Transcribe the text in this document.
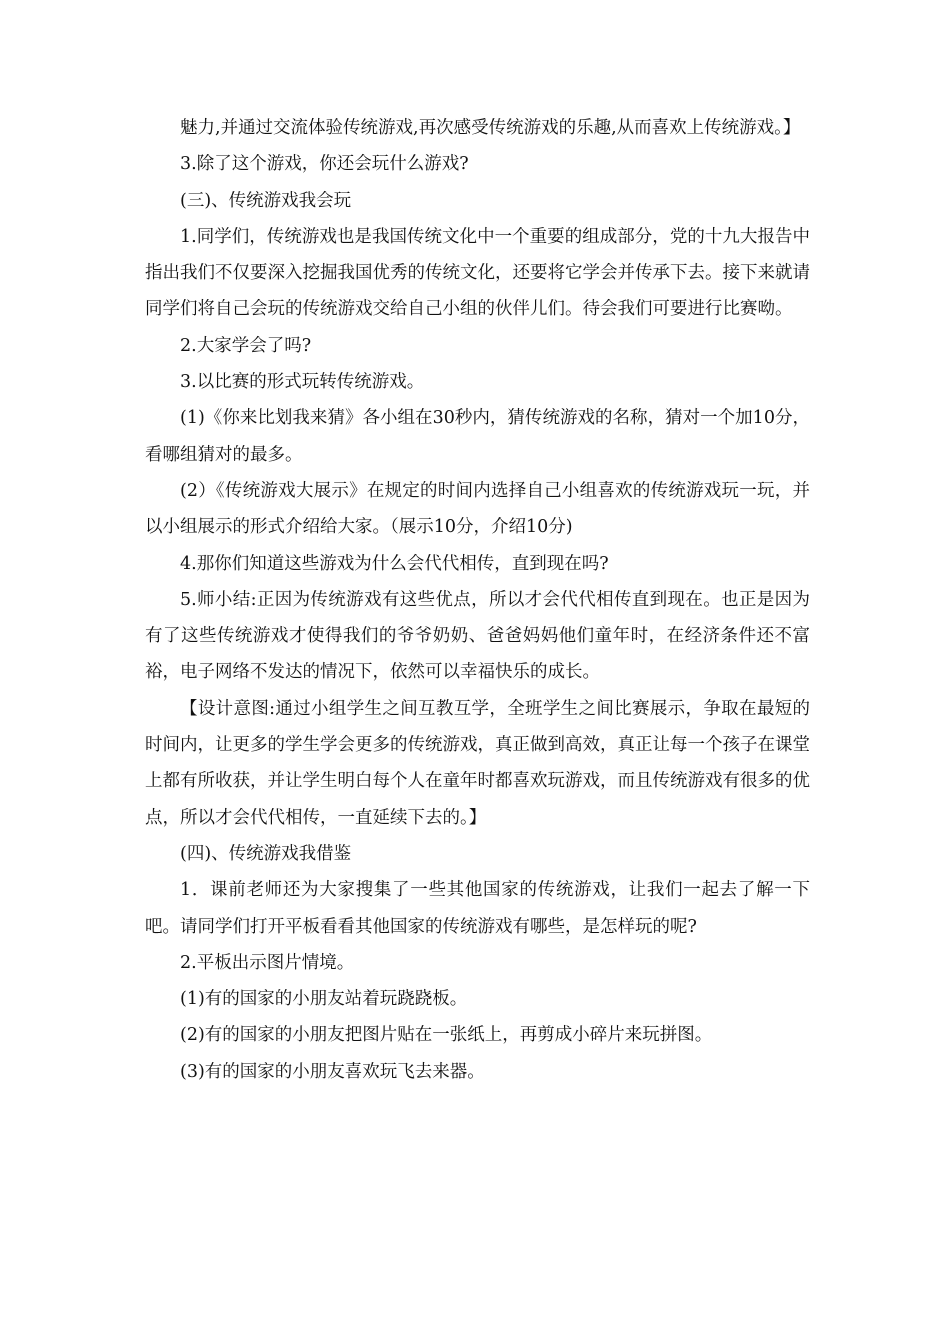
魅力,并通过交流体验传统游戏,再次感受传统游戏的乐趣,从而喜欢上传统游戏。】

3.除了这个游戏，你还会玩什么游戏?

(三)、传统游戏我会玩

1.同学们，传统游戏也是我国传统文化中一个重要的组成部分，党的十九大报告中指出我们不仅要深入挖掘我国优秀的传统文化，还要将它学会并传承下去。接下来就请同学们将自己会玩的传统游戏交给自己小组的伙伴儿们。待会我们可要进行比赛呦。

2.大家学会了吗?

3.以比赛的形式玩转传统游戏。

(1)《你来比划我来猜》各小组在30秒内，猜传统游戏的名称，猜对一个加10分，看哪组猜对的最多。

(2）《传统游戏大展示》在规定的时间内选择自己小组喜欢的传统游戏玩一玩，并以小组展示的形式介绍给大家。（展示10分，介绍10分)

4.那你们知道这些游戏为什么会代代相传，直到现在吗?

5.师小结:正因为传统游戏有这些优点，所以才会代代相传直到现在。也正是因为有了这些传统游戏才使得我们的爷爷奶奶、爸爸妈妈他们童年时，在经济条件还不富裕，电子网络不发达的情况下，依然可以幸福快乐的成长。

【设计意图:通过小组学生之间互教互学，全班学生之间比赛展示，争取在最短的时间内，让更多的学生学会更多的传统游戏，真正做到高效，真正让每一个孩子在课堂上都有所收获，并让学生明白每个人在童年时都喜欢玩游戏，而且传统游戏有很多的优点，所以才会代代相传，一直延续下去的。】

(四)、传统游戏我借鉴

1．课前老师还为大家搜集了一些其他国家的传统游戏，让我们一起去了解一下吧。请同学们打开平板看看其他国家的传统游戏有哪些，是怎样玩的呢?

2.平板出示图片情境。

(1)有的国家的小朋友站着玩跷跷板。

(2)有的国家的小朋友把图片贴在一张纸上，再剪成小碎片来玩拼图。

(3)有的国家的小朋友喜欢玩飞去来器。
